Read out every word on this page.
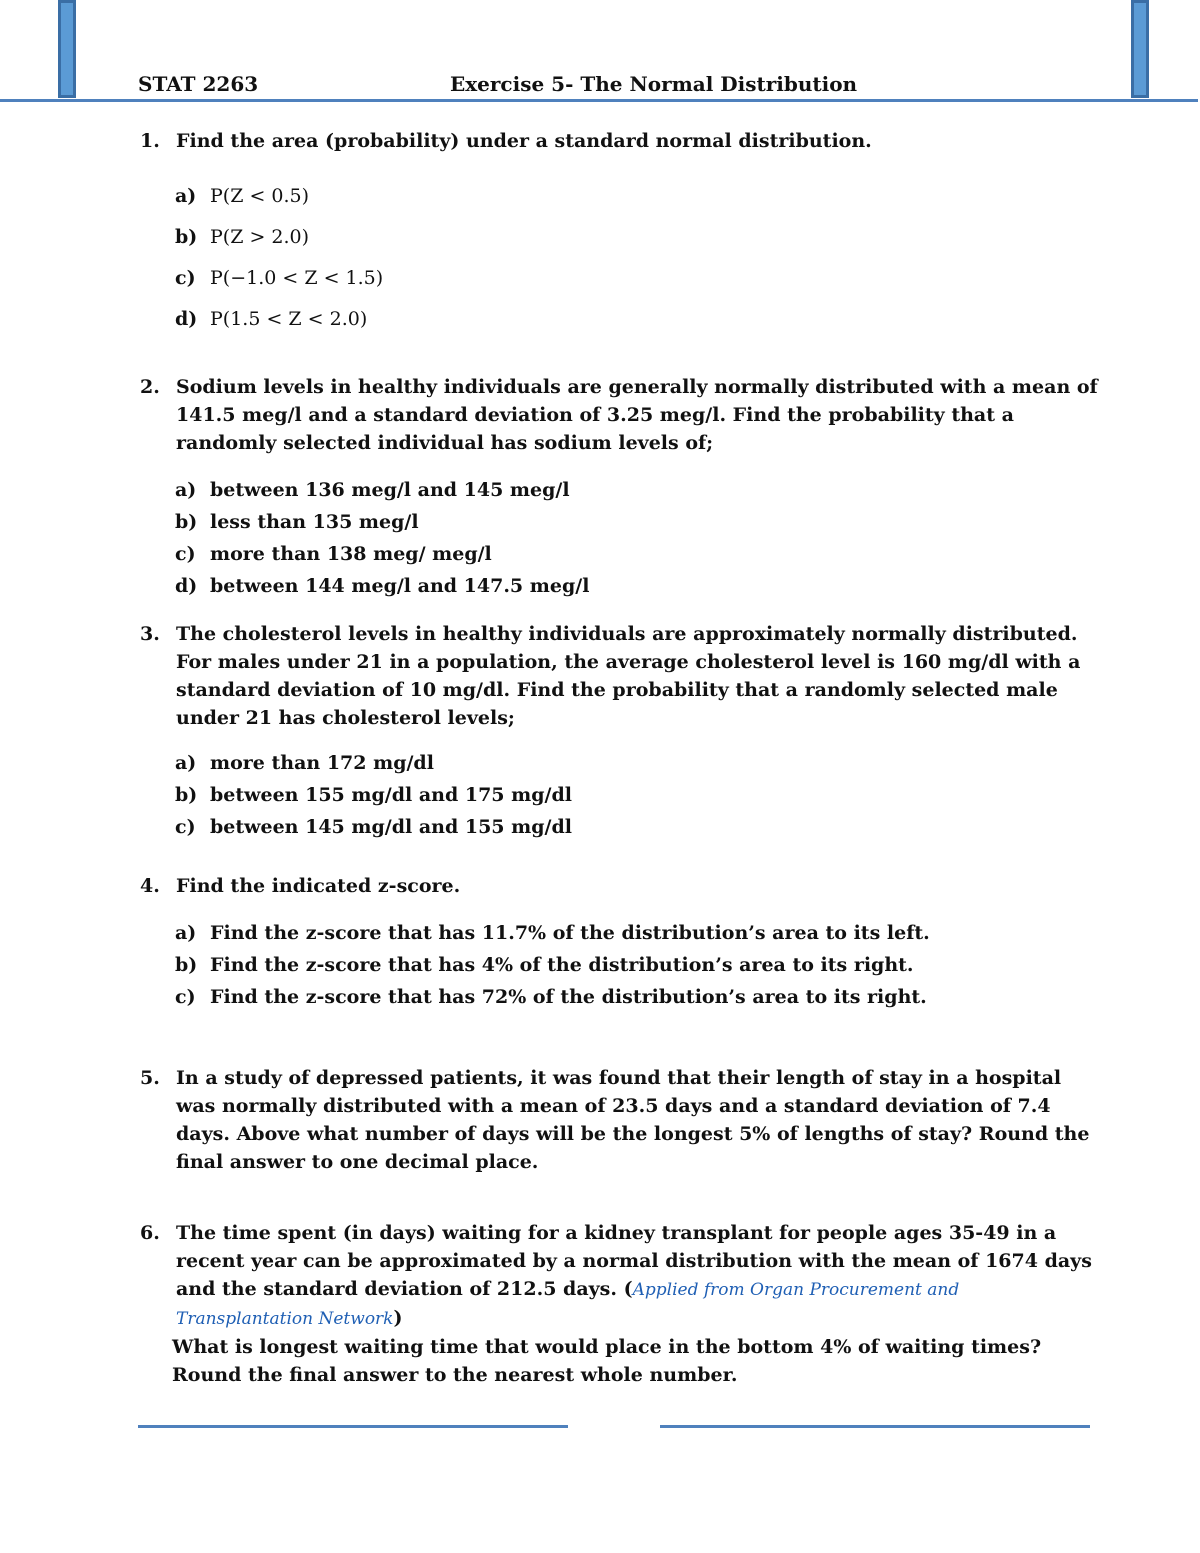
STAT 2263	Exercise 5- The Normal Distribution
1. Find the area (probability) under a standard normal distribution.
a) P(Z < 0.5)
b) P(Z > 2.0)
c) P(−1.0 < Z < 1.5)
d) P(1.5 < Z < 2.0)
2. Sodium levels in healthy individuals are generally normally distributed with a mean of 141.5 meg/l and a standard deviation of 3.25 meg/l. Find the probability that a randomly selected individual has sodium levels of;
a) between 136 meg/l and 145 meg/l
b) less than 135 meg/l
c) more than 138 meg/ meg/l
d) between 144 meg/l and 147.5 meg/l
3. The cholesterol levels in healthy individuals are approximately normally distributed. For males under 21 in a population, the average cholesterol level is 160 mg/dl with a standard deviation of 10 mg/dl. Find the probability that a randomly selected male under 21 has cholesterol levels;
a) more than 172 mg/dl
b) between 155 mg/dl and 175 mg/dl
c) between 145 mg/dl and 155 mg/dl
4. Find the indicated z-score.
a) Find the z-score that has 11.7% of the distribution’s area to its left.
b) Find the z-score that has 4% of the distribution’s area to its right.
c) Find the z-score that has 72% of the distribution’s area to its right.
5. In a study of depressed patients, it was found that their length of stay in a hospital was normally distributed with a mean of 23.5 days and a standard deviation of 7.4 days. Above what number of days will be the longest 5% of lengths of stay? Round the final answer to one decimal place.
6. The time spent (in days) waiting for a kidney transplant for people ages 35-49 in a recent year can be approximated by a normal distribution with the mean of 1674 days and the standard deviation of 212.5 days. (Applied from Organ Procurement and Transplantation Network)
What is longest waiting time that would place in the bottom 4% of waiting times? Round the final answer to the nearest whole number.
